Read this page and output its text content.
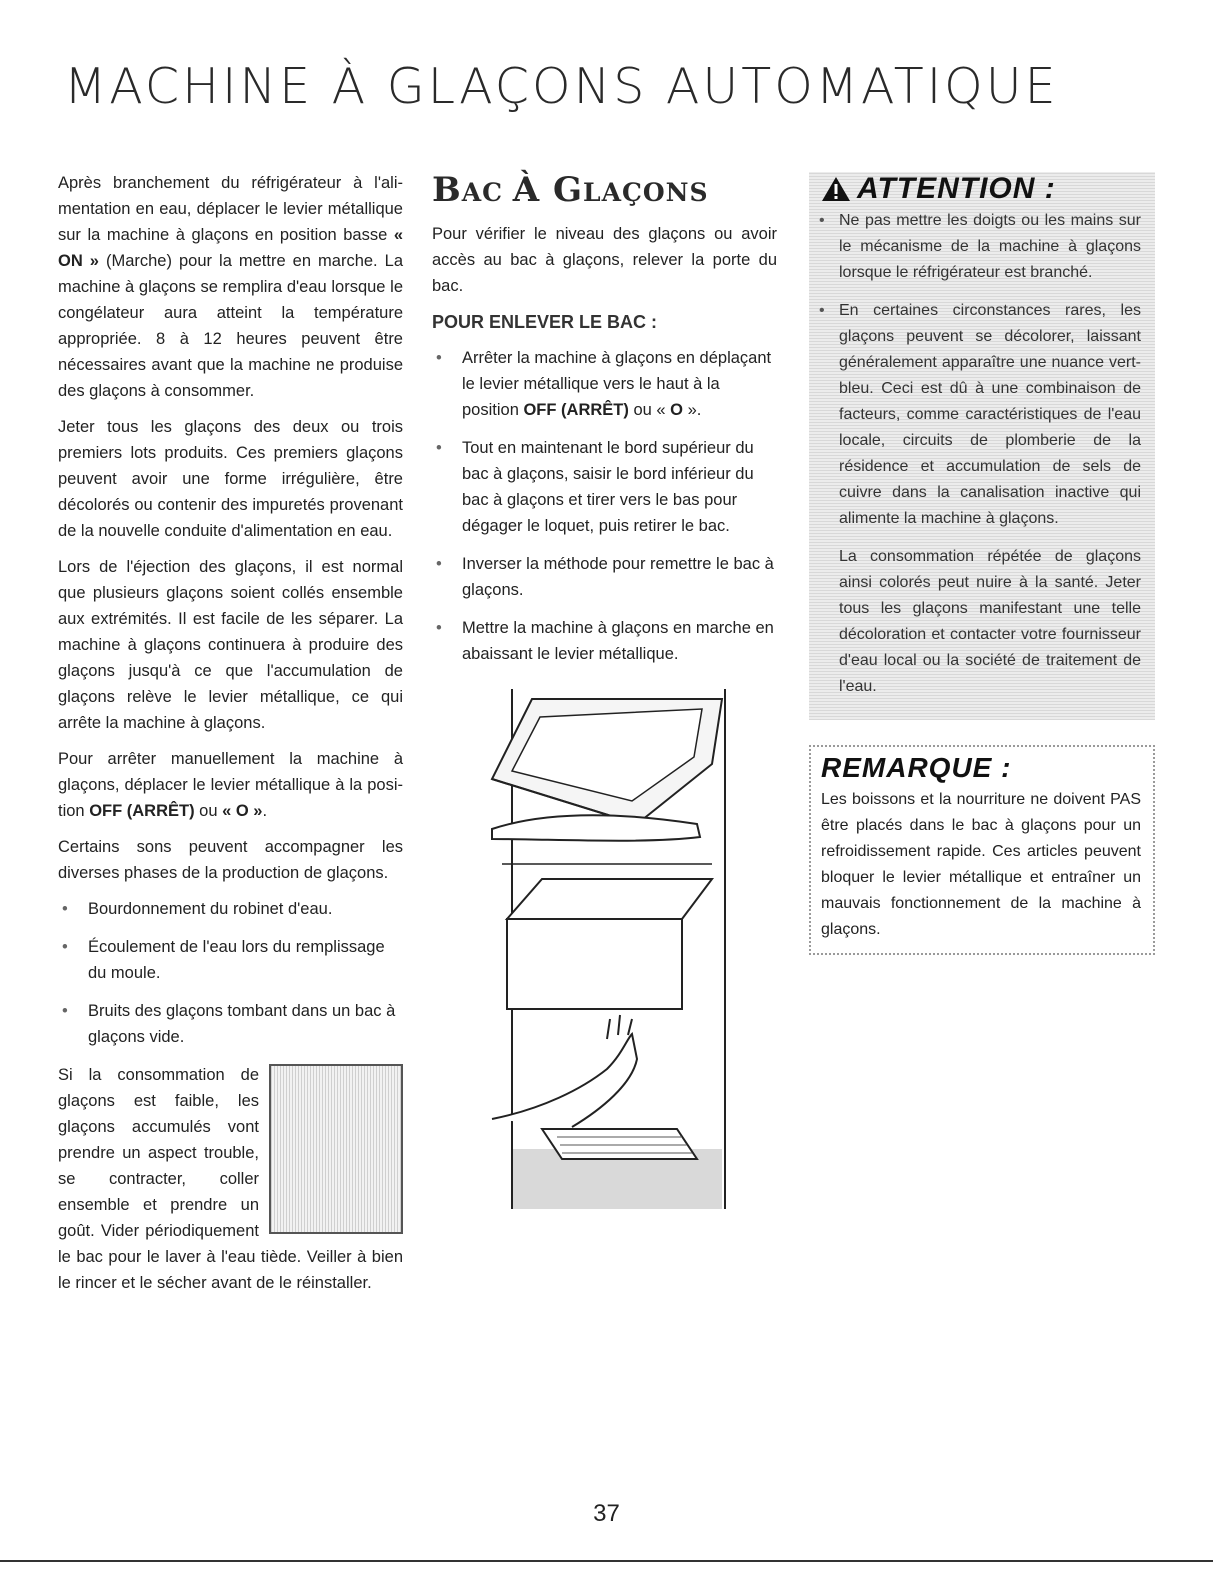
MACHINE À GLAÇONS AUTOMATIQUE

Après branchement du réfrigérateur à l'ali-mentation en eau, déplacer le levier métallique sur la machine à glaçons en position basse « ON » (Marche) pour la mettre en marche. La machine à glaçons se remplira d'eau lorsque le congélateur aura atteint la température appropriée. 8 à 12 heures peuvent être nécessaires avant que la machine ne produise des glaçons à consommer.

Jeter tous les glaçons des deux ou trois premiers lots produits. Ces premiers glaçons peuvent avoir une forme irrégulière, être décolorés ou contenir des impuretés provenant de la nouvelle conduite d'alimentation en eau.

Lors de l'éjection des glaçons, il est normal que plusieurs glaçons soient collés ensemble aux extrémités. Il est facile de les séparer. La machine à glaçons continuera à produire des glaçons jusqu'à ce que l'accumulation de glaçons relève le levier métallique, ce qui arrête la machine à glaçons.

Pour arrêter manuellement la machine à glaçons, déplacer le levier métallique à la posi-tion OFF (ARRÊT) ou « O ».

Certains sons peuvent accompagner les diverses phases de la production de glaçons.

• Bourdonnement du robinet d'eau.
• Écoulement de l'eau lors du remplissage du moule.
• Bruits des glaçons tombant dans un bac à glaçons vide.

Si la consommation de glaçons est faible, les glaçons accumulés vont prendre un aspect trouble, se contracter, coller ensemble et prendre un goût. Vider périodiquement le bac pour le laver à l'eau tiède. Veiller à bien le rincer et le sécher avant de le réinstaller.

BAC À GLAÇONS

Pour vérifier le niveau des glaçons ou avoir accès au bac à glaçons, relever la porte du bac.

POUR ENLEVER LE BAC :
• Arrêter la machine à glaçons en déplaçant le levier métallique vers le haut à la position OFF (ARRÊT) ou « O ».
• Tout en maintenant le bord supérieur du bac à glaçons, saisir le bord inférieur du bac à glaçons et tirer vers le bas pour dégager le loquet, puis retirer le bac.
• Inverser la méthode pour remettre le bac à glaçons.
• Mettre la machine à glaçons en marche en abaissant le levier métallique.
ATTENTION :
• Ne pas mettre les doigts ou les mains sur le mécanisme de la machine à glaçons lorsque le réfrigérateur est branché.
• En certaines circonstances rares, les glaçons peuvent se décolorer, laissant généralement apparaître une nuance vert-bleu. Ceci est dû à une combinaison de facteurs, comme caractéristiques de l'eau locale, circuits de plomberie de la résidence et accumulation de sels de cuivre dans la canalisation inactive qui alimente la machine à glaçons.

La consommation répétée de glaçons ainsi colorés peut nuire à la santé. Jeter tous les glaçons manifestant une telle décoloration et contacter votre fournisseur d'eau local ou la société de traitement de l'eau.

REMARQUE :

Les boissons et la nourriture ne doivent PAS être placés dans le bac à glaçons pour un refroidissement rapide. Ces articles peuvent bloquer le levier métallique et entraîner un mauvais fonctionnement de la machine à glaçons.

37
